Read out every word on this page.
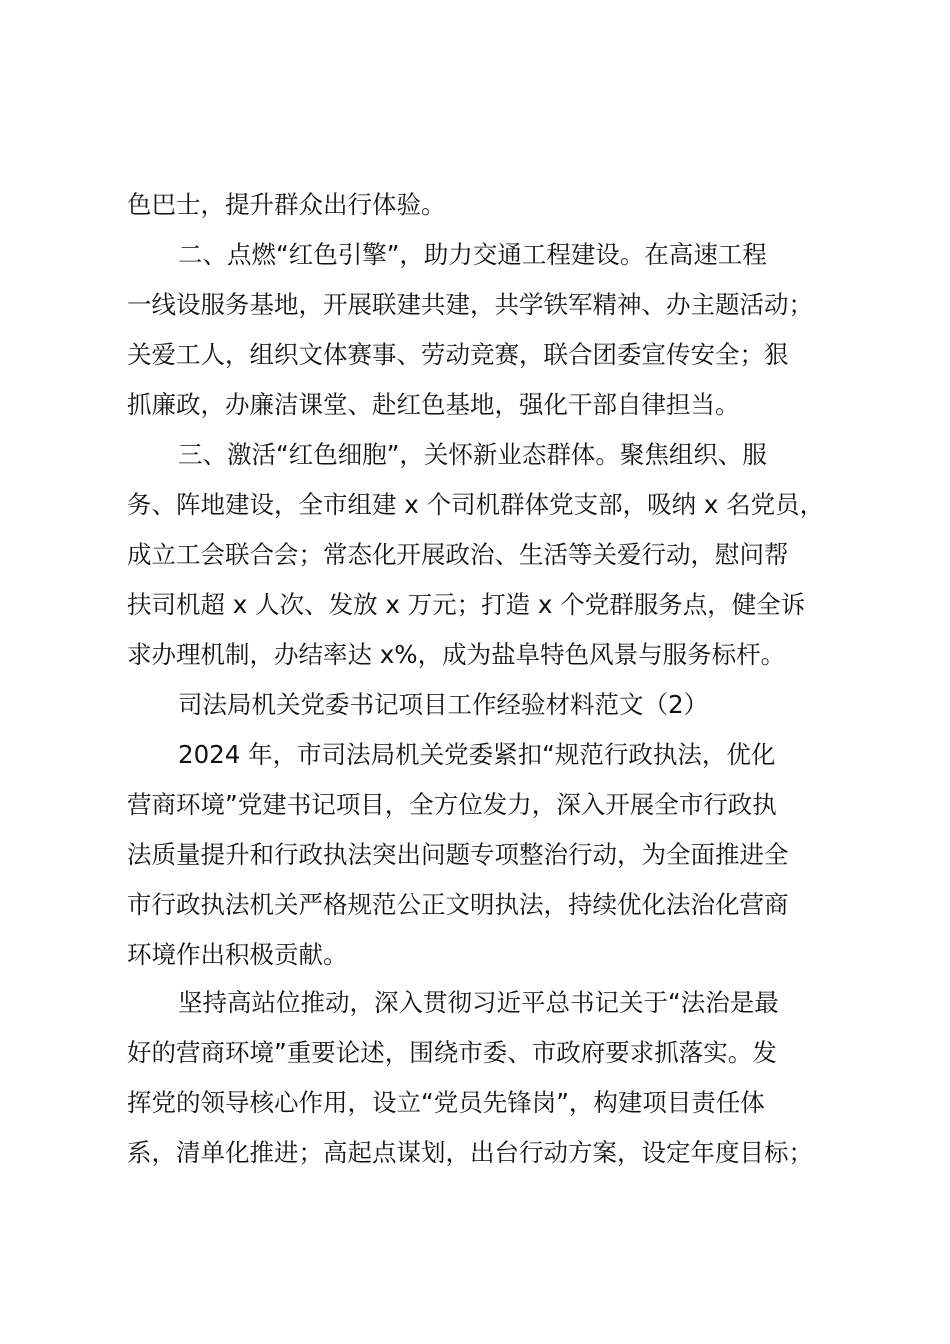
色巴士，提升群众出行体验。
二、点燃“红色引擎”，助力交通工程建设。在高速工程
一线设服务基地，开展联建共建，共学铁军精神、办主题活动；
关爱工人，组织文体赛事、劳动竞赛，联合团委宣传安全；狠
抓廉政，办廉洁课堂、赴红色基地，强化干部自律担当。
三、激活“红色细胞”，关怀新业态群体。聚焦组织、服
务、阵地建设，全市组建 x 个司机群体党支部，吸纳 x 名党员，
成立工会联合会；常态化开展政治、生活等关爱行动，慰问帮
扶司机超 x 人次、发放 x 万元；打造 x 个党群服务点，健全诉
求办理机制，办结率达 x%，成为盐阜特色风景与服务标杆。
司法局机关党委书记项目工作经验材料范文（2）
2024 年，市司法局机关党委紧扣“规范行政执法，优化
营商环境”党建书记项目，全方位发力，深入开展全市行政执
法质量提升和行政执法突出问题专项整治行动，为全面推进全
市行政执法机关严格规范公正文明执法，持续优化法治化营商
环境作出积极贡献。
坚持高站位推动，深入贯彻习近平总书记关于“法治是最
好的营商环境”重要论述，围绕市委、市政府要求抓落实。发
挥党的领导核心作用，设立“党员先锋岗”，构建项目责任体
系，清单化推进；高起点谋划，出台行动方案，设定年度目标；
